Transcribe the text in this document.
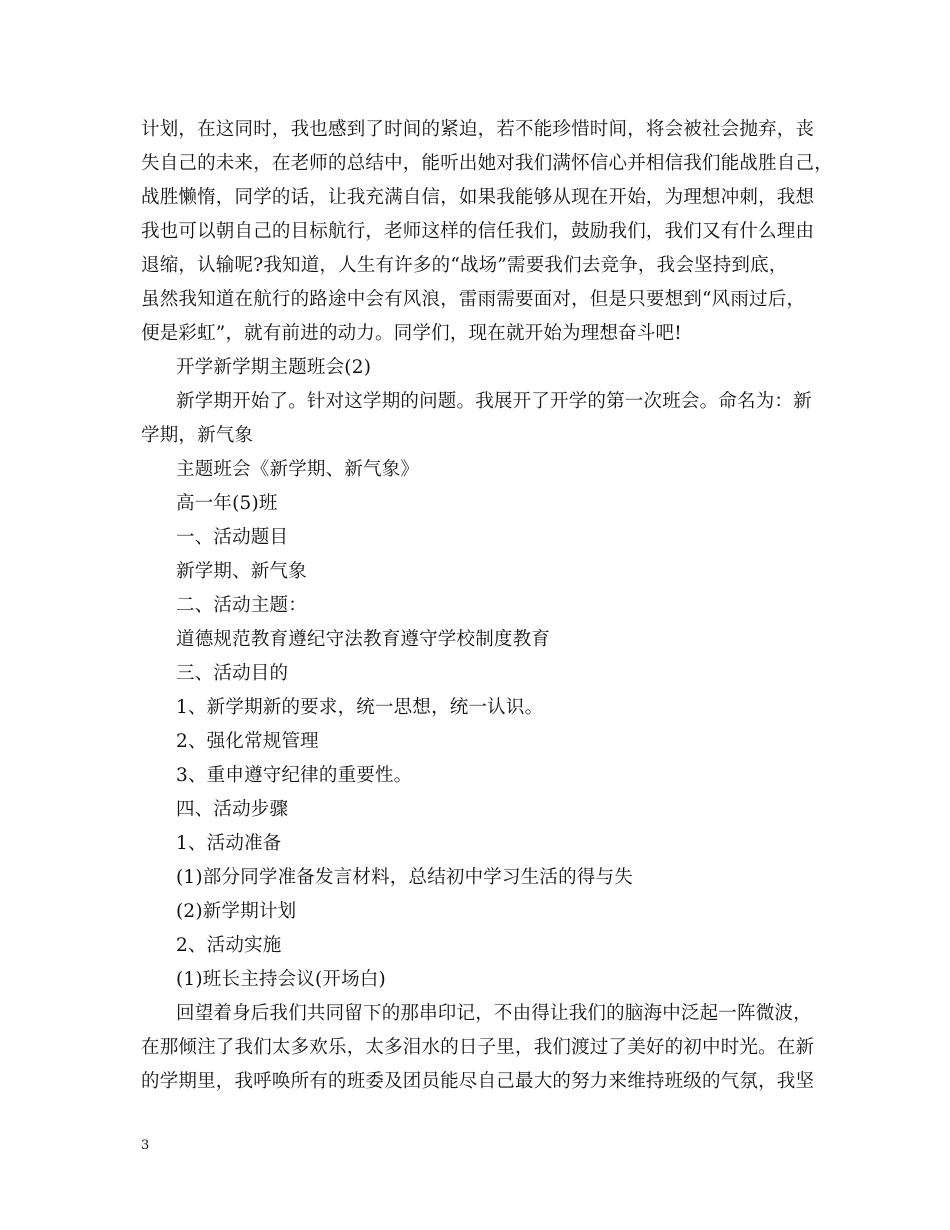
计划，在这同时，我也感到了时间的紧迫，若不能珍惜时间，将会被社会抛弃，丧
失自己的未来，在老师的总结中，能听出她对我们满怀信心并相信我们能战胜自己，
战胜懒惰，同学的话，让我充满自信，如果我能够从现在开始，为理想冲刺，我想
我也可以朝自己的目标航行，老师这样的信任我们，鼓励我们，我们又有什么理由
退缩，认输呢?我知道，人生有许多的“战场”需要我们去竞争，我会坚持到底，
虽然我知道在航行的路途中会有风浪，雷雨需要面对，但是只要想到“风雨过后，
便是彩虹”，就有前进的动力。同学们，现在就开始为理想奋斗吧!
开学新学期主题班会(2)
新学期开始了。针对这学期的问题。我展开了开学的第一次班会。命名为：新
学期，新气象
主题班会《新学期、新气象》
高一年(5)班
一、活动题目
新学期、新气象
二、活动主题：
道德规范教育遵纪守法教育遵守学校制度教育
三、活动目的
1、新学期新的要求，统一思想，统一认识。
2、强化常规管理
3、重申遵守纪律的重要性。
四、活动步骤
1、活动准备
(1)部分同学准备发言材料，总结初中学习生活的得与失
(2)新学期计划
2、活动实施
(1)班长主持会议(开场白)
回望着身后我们共同留下的那串印记，不由得让我们的脑海中泛起一阵微波，
在那倾注了我们太多欢乐，太多泪水的日子里，我们渡过了美好的初中时光。在新
的学期里，我呼唤所有的班委及团员能尽自己最大的努力来维持班级的气氛，我坚
3
